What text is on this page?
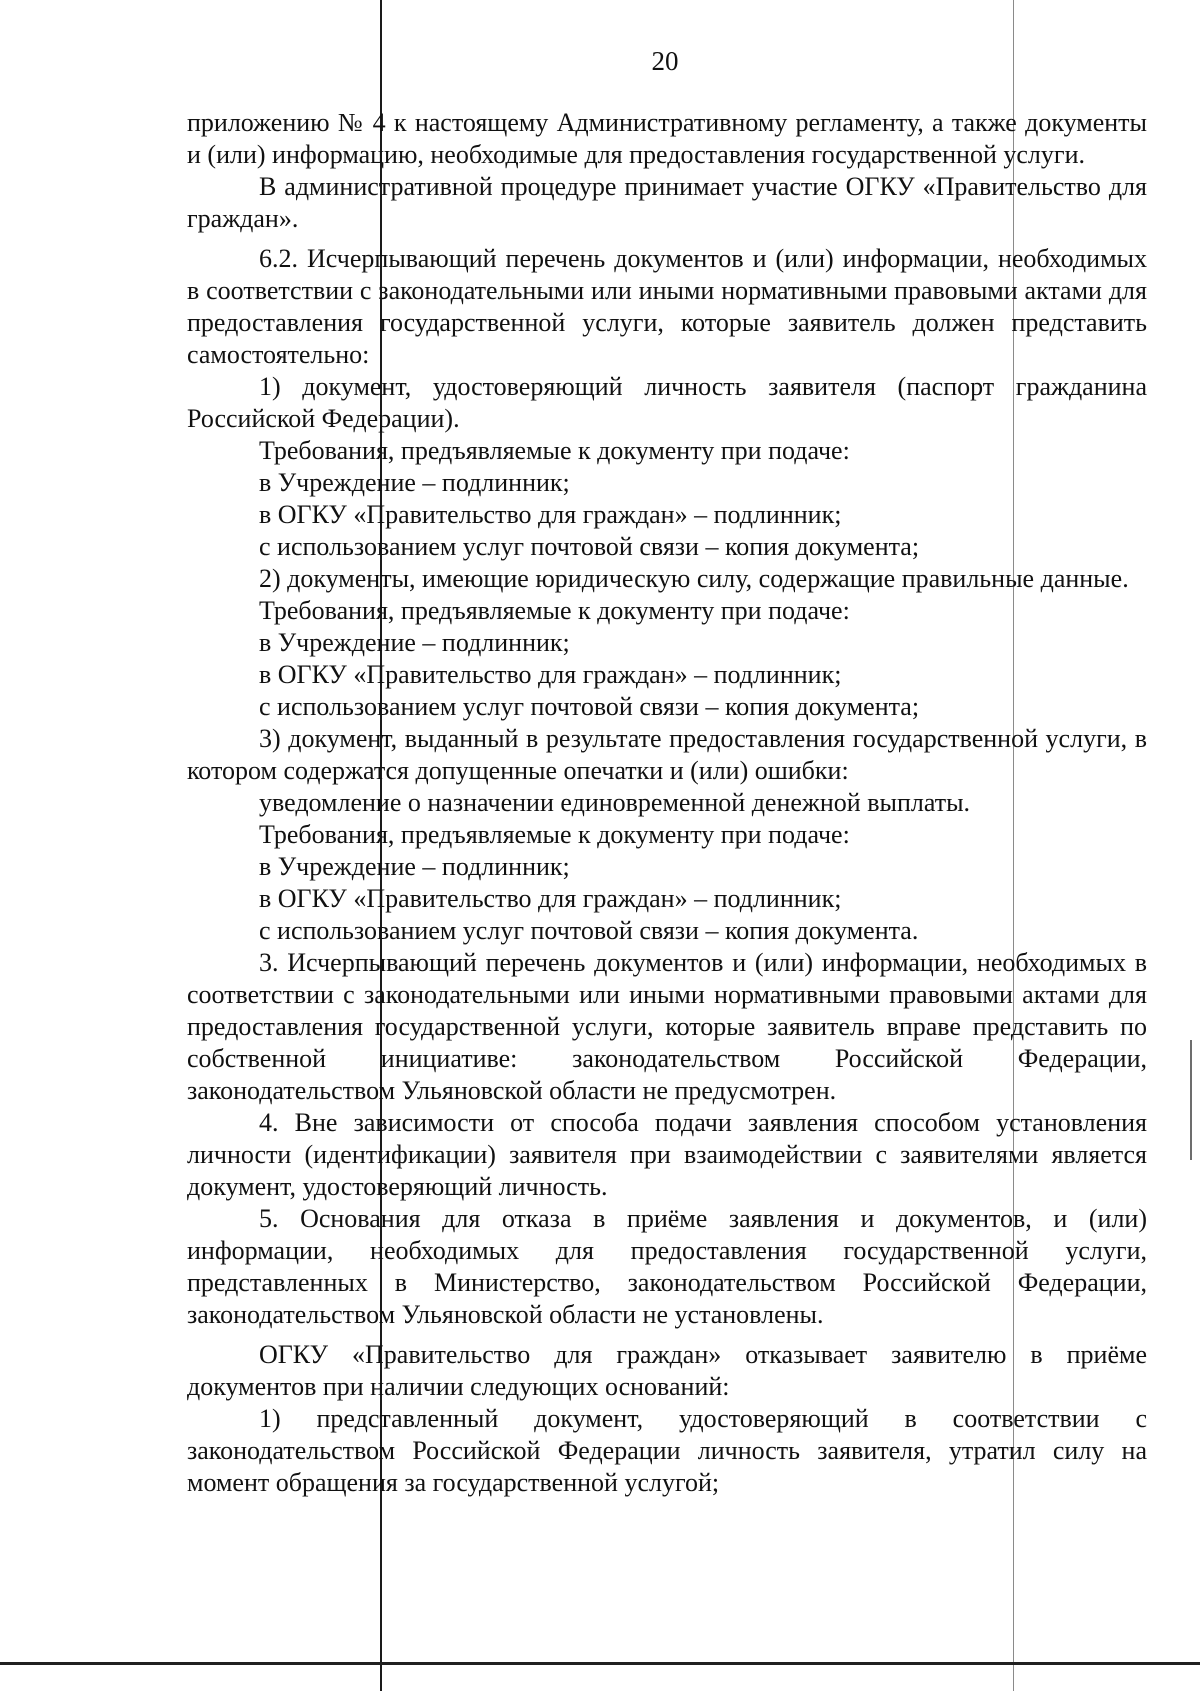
20

приложению № 4 к настоящему Административному регламенту, а также документы и (или) информацию, необходимые для предоставления государственной услуги.

В административной процедуре принимает участие ОГКУ «Правительство для граждан».

6.2. Исчерпывающий перечень документов и (или) информации, необходимых в соответствии с законодательными или иными нормативными правовыми актами для предоставления государственной услуги, которые заявитель должен представить самостоятельно:

1) документ, удостоверяющий личность заявителя (паспорт гражданина Российской Федерации).

Требования, предъявляемые к документу при подаче:

в Учреждение – подлинник;

в ОГКУ «Правительство для граждан» – подлинник;

с использованием услуг почтовой связи – копия документа;

2) документы, имеющие юридическую силу, содержащие правильные данные.

Требования, предъявляемые к документу при подаче:

в Учреждение – подлинник;

в ОГКУ «Правительство для граждан» – подлинник;

с использованием услуг почтовой связи – копия документа;

3) документ, выданный в результате предоставления государственной услуги, в котором содержатся допущенные опечатки и (или) ошибки:

уведомление о назначении единовременной денежной выплаты.

Требования, предъявляемые к документу при подаче:

в Учреждение – подлинник;

в ОГКУ «Правительство для граждан» – подлинник;

с использованием услуг почтовой связи – копия документа.

3. Исчерпывающий перечень документов и (или) информации, необходимых в соответствии с законодательными или иными нормативными правовыми актами для предоставления государственной услуги, которые заявитель вправе представить по собственной инициативе: законодательством Российской Федерации, законодательством Ульяновской области не предусмотрен.

4. Вне зависимости от способа подачи заявления способом установления личности (идентификации) заявителя при взаимодействии с заявителями является документ, удостоверяющий личность.

5. Основания для отказа в приёме заявления и документов, и (или) информации, необходимых для предоставления государственной услуги, представленных в Министерство, законодательством Российской Федерации, законодательством Ульяновской области не установлены.

ОГКУ «Правительство для граждан» отказывает заявителю в приёме документов при наличии следующих оснований:

1) представленный документ, удостоверяющий в соответствии с законодательством Российской Федерации личность заявителя, утратил силу на момент обращения за государственной услугой;
